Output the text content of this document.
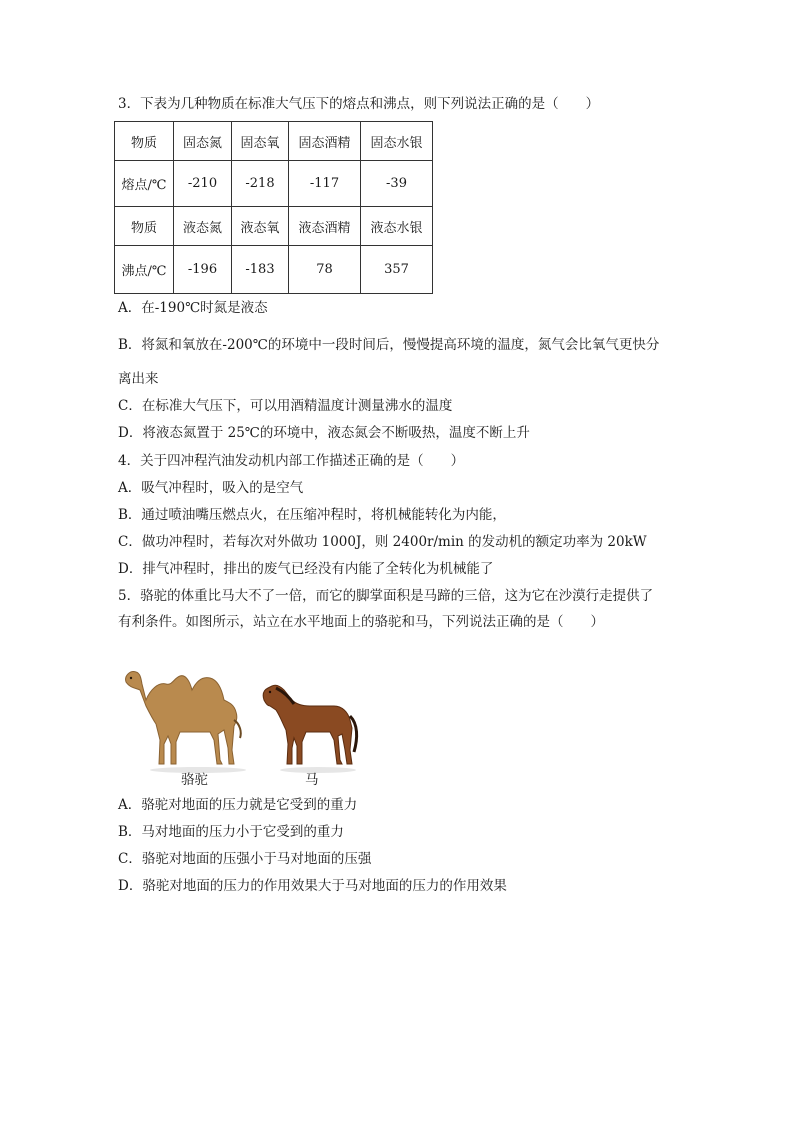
3．下表为几种物质在标准大气压下的熔点和沸点，则下列说法正确的是（　　）
物质	固态氮	固态氧	固态酒精	固态水银
熔点/℃	-210	-218	-117	-39
物质	液态氮	液态氧	液态酒精	液态水银
沸点/℃	-196	-183	78	357
A．在-190℃时氮是液态
B．将氮和氧放在-200℃的环境中一段时间后，慢慢提高环境的温度，氮气会比氧气更快分
离出来
C．在标准大气压下，可以用酒精温度计测量沸水的温度
D．将液态氮置于 25℃的环境中，液态氮会不断吸热，温度不断上升
4．关于四冲程汽油发动机内部工作描述正确的是（　　）
A．吸气冲程时，吸入的是空气
B．通过喷油嘴压燃点火，在压缩冲程时，将机械能转化为内能，
C．做功冲程时，若每次对外做功 1000J，则 2400r/min 的发动机的额定功率为 20kW
D．排气冲程时，排出的废气已经没有内能了全转化为机械能了
5．骆驼的体重比马大不了一倍，而它的脚掌面积是马蹄的三倍，这为它在沙漠行走提供了
有利条件。如图所示，站立在水平地面上的骆驼和马，下列说法正确的是（　　）
骆驼	马
A．骆驼对地面的压力就是它受到的重力
B．马对地面的压力小于它受到的重力
C．骆驼对地面的压强小于马对地面的压强
D．骆驼对地面的压力的作用效果大于马对地面的压力的作用效果
